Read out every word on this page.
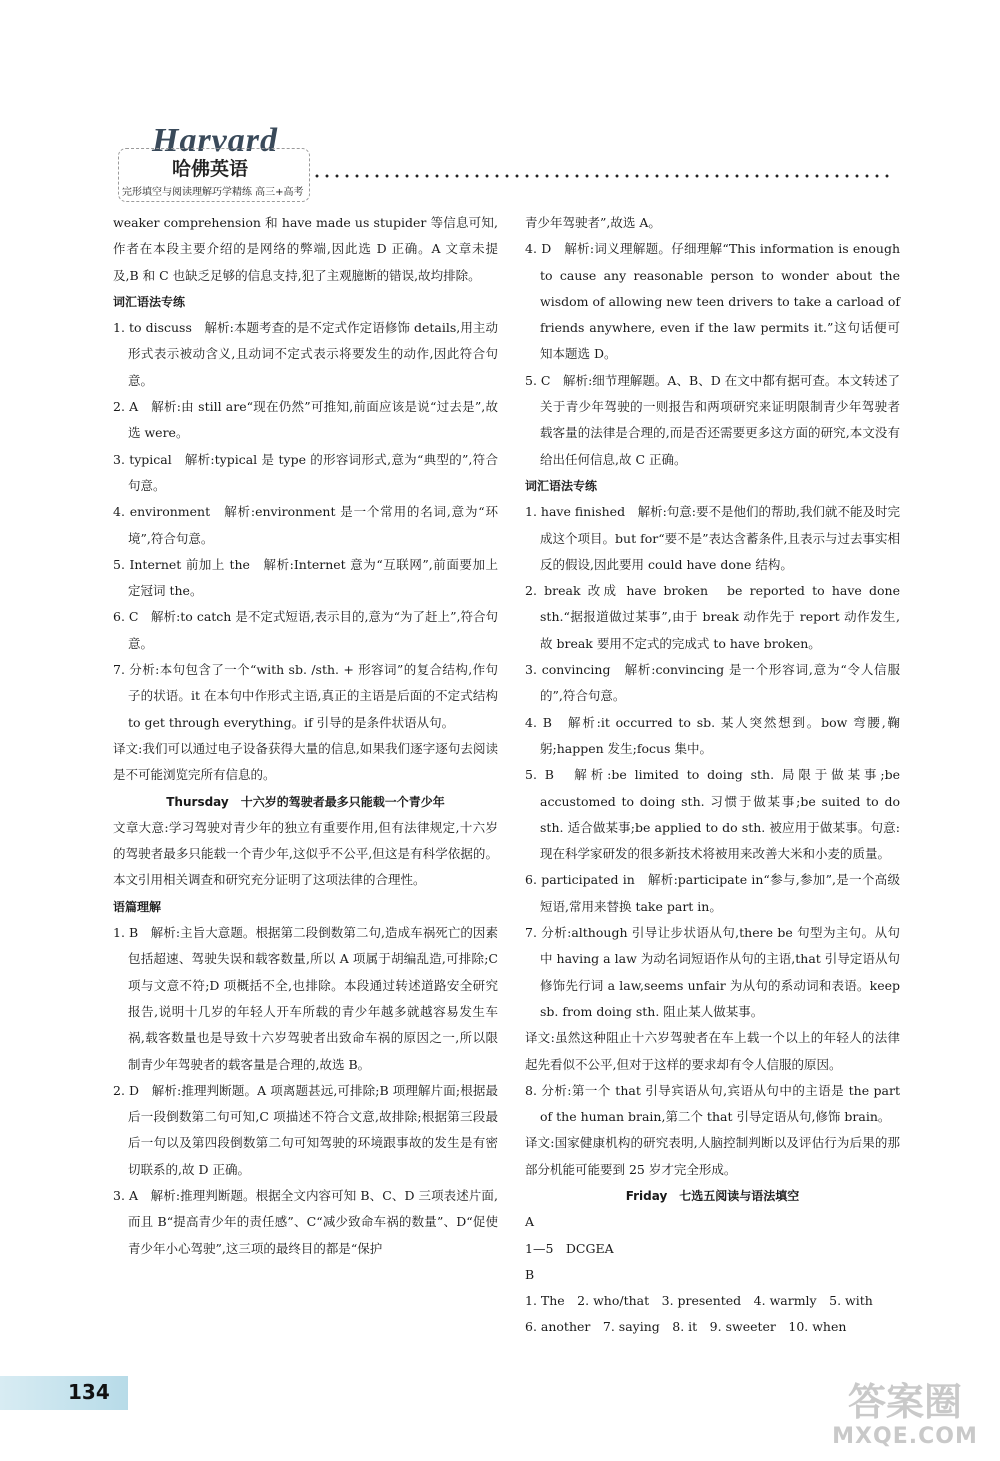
Harvard
哈佛英语
完形填空与阅读理解巧学精练 高三+高考

weaker comprehension 和 have made us stupider 等信息可知,作者在本段主要介绍的是网络的弊端,因此选 D 正确。A 文章未提及,B 和 C 也缺乏足够的信息支持,犯了主观臆断的错误,故均排除。

词汇语法专练

1. to discuss　解析:本题考查的是不定式作定语修饰 details,用主动形式表示被动含义,且动词不定式表示将要发生的动作,因此符合句意。

2. A　解析:由 still are“现在仍然”可推知,前面应该是说“过去是”,故选 were。

3. typical　解析:typical 是 type 的形容词形式,意为“典型的”,符合句意。

4. environment　解析:environment 是一个常用的名词,意为“环境”,符合句意。

5. Internet 前加上 the　解析:Internet 意为“互联网”,前面要加上定冠词 the。

6. C　解析:to catch 是不定式短语,表示目的,意为“为了赶上”,符合句意。

7. 分析:本句包含了一个“with sb. /sth. + 形容词”的复合结构,作句子的状语。it 在本句中作形式主语,真正的主语是后面的不定式结构 to get through everything。if 引导的是条件状语从句。

译文:我们可以通过电子设备获得大量的信息,如果我们逐字逐句去阅读是不可能浏览完所有信息的。

Thursday　十六岁的驾驶者最多只能载一个青少年

文章大意:学习驾驶对青少年的独立有重要作用,但有法律规定,十六岁的驾驶者最多只能载一个青少年,这似乎不公平,但这是有科学依据的。本文引用相关调查和研究充分证明了这项法律的合理性。

语篇理解

1. B　解析:主旨大意题。根据第二段倒数第二句,造成车祸死亡的因素包括超速、驾驶失误和载客数量,所以 A 项属于胡编乱造,可排除;C 项与文意不符;D 项概括不全,也排除。本段通过转述道路安全研究报告,说明十几岁的年轻人开车所载的青少年越多就越容易发生车祸,载客数量也是导致十六岁驾驶者出致命车祸的原因之一,所以限制青少年驾驶者的载客量是合理的,故选 B。

2. D　解析:推理判断题。A 项离题甚远,可排除;B 项理解片面;根据最后一段倒数第二句可知,C 项描述不符合文意,故排除;根据第三段最后一句以及第四段倒数第二句可知驾驶的环境跟事故的发生是有密切联系的,故 D 正确。

3. A　解析:推理判断题。根据全文内容可知 B、C、D 三项表述片面,而且 B“提高青少年的责任感”、C“减少致命车祸的数量”、D“促使青少年小心驾驶”,这三项的最终目的都是“保护

青少年驾驶者”,故选 A。

4. D　解析:词义理解题。仔细理解“This information is enough to cause any reasonable person to wonder about the wisdom of allowing new teen drivers to take a carload of friends anywhere, even if the law permits it.”这句话便可知本题选 D。

5. C　解析:细节理解题。A、B、D 在文中都有据可查。本文转述了关于青少年驾驶的一则报告和两项研究来证明限制青少年驾驶者载客量的法律是合理的,而是否还需要更多这方面的研究,本文没有给出任何信息,故 C 正确。

词汇语法专练

1. have finished　解析:句意:要不是他们的帮助,我们就不能及时完成这个项目。but for“要不是”表达含蓄条件,且表示与过去事实相反的假设,因此要用 could have done 结构。

2. break 改成 have broken　be reported to have done sth.“据报道做过某事”,由于 break 动作先于 report 动作发生,故 break 要用不定式的完成式 to have broken。

3. convincing　解析:convincing 是一个形容词,意为“令人信服的”,符合句意。

4. B　解析:it occurred to sb. 某人突然想到。bow 弯腰,鞠躬;happen 发生;focus 集中。

5. B　解析:be limited to doing sth. 局限于做某事;be accustomed to doing sth. 习惯于做某事;be suited to do sth. 适合做某事;be applied to do sth. 被应用于做某事。句意:现在科学家研发的很多新技术将被用来改善大米和小麦的质量。

6. participated in　解析:participate in“参与,参加”,是一个高级短语,常用来替换 take part in。

7. 分析:although 引导让步状语从句,there be 句型为主句。从句中 having a law 为动名词短语作从句的主语,that 引导定语从句修饰先行词 a law,seems unfair 为从句的系动词和表语。keep sb. from doing sth. 阻止某人做某事。

译文:虽然这种阻止十六岁驾驶者在车上载一个以上的年轻人的法律起先看似不公平,但对于这样的要求却有令人信服的原因。

8. 分析:第一个 that 引导宾语从句,宾语从句中的主语是 the part of the human brain,第二个 that 引导定语从句,修饰 brain。

译文:国家健康机构的研究表明,人脑控制判断以及评估行为后果的那部分机能可能要到 25 岁才完全形成。

Friday　七选五阅读与语法填空

A

1—5　DCGEA

B

1. The　2. who/that　3. presented　4. warmly　5. with

6. another　7. saying　8. it　9. sweeter　10. when

134	答案圈
MXQE.COM
